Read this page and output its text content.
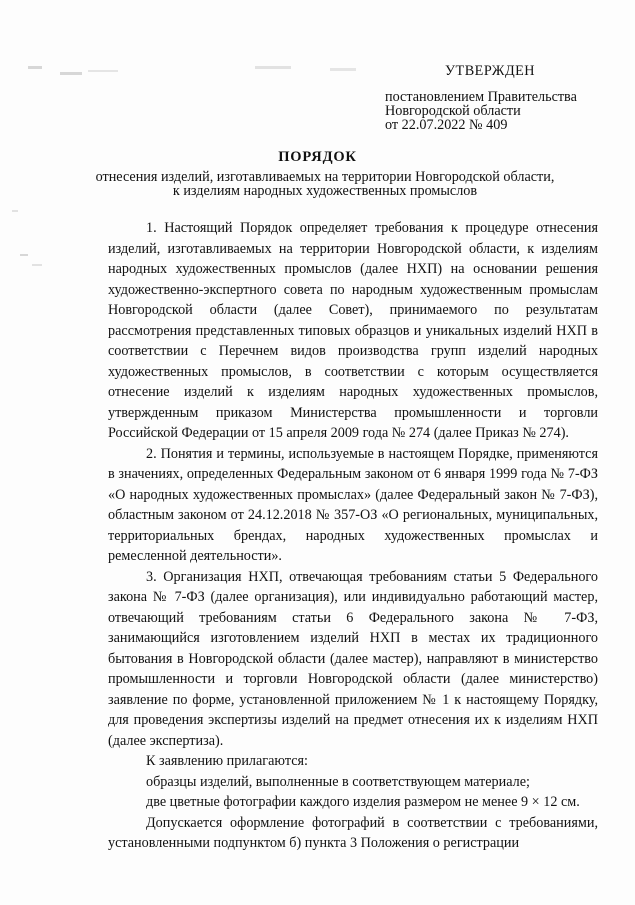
УТВЕРЖДЕН
постановлением Правительства
Новгородской области
от 22.07.2022 № 409
ПОРЯДОК
отнесения изделий, изготавливаемых на территории Новгородской области,
к изделиям народных художественных промыслов

1. Настоящий Порядок определяет требования к процедуре отнесения изделий, изготавливаемых на территории Новгородской области, к изделиям народных художественных промыслов (далее НХП) на основании решения художественно-экспертного совета по народным художественным промыслам Новгородской области (далее Совет), принимаемого по результатам рассмотрения представленных типовых образцов и уникальных изделий НХП в соответствии с Перечнем видов производства групп изделий народных художественных промыслов, в соответствии с которым осуществляется отнесение изделий к изделиям народных художественных промыслов, утвержденным приказом Министерства промышленности и торговли Российской Федерации от 15 апреля 2009 года № 274 (далее Приказ № 274).

2. Понятия и термины, используемые в настоящем Порядке, применяются в значениях, определенных Федеральным законом от 6 января 1999 года № 7-ФЗ «О народных художественных промыслах» (далее Федеральный закон № 7-ФЗ), областным законом от 24.12.2018 № 357-ОЗ «О региональных, муниципальных, территориальных брендах, народных художественных промыслах и ремесленной деятельности».

3. Организация НХП, отвечающая требованиям статьи 5 Федерального закона № 7-ФЗ (далее организация), или индивидуально работающий мастер, отвечающий требованиям статьи 6 Федерального закона № 7-ФЗ, занимающийся изготовлением изделий НХП в местах их традиционного бытования в Новгородской области (далее мастер), направляют в министерство промышленности и торговли Новгородской области (далее министерство) заявление по форме, установленной приложением № 1 к настоящему Порядку, для проведения экспертизы изделий на предмет отнесения их к изделиям НХП (далее экспертиза).

К заявлению прилагаются:

образцы изделий, выполненные в соответствующем материале;

две цветные фотографии каждого изделия размером не менее 9 × 12 см.

Допускается оформление фотографий в соответствии с требованиями, установленными подпунктом б) пункта 3 Положения о регистрации
